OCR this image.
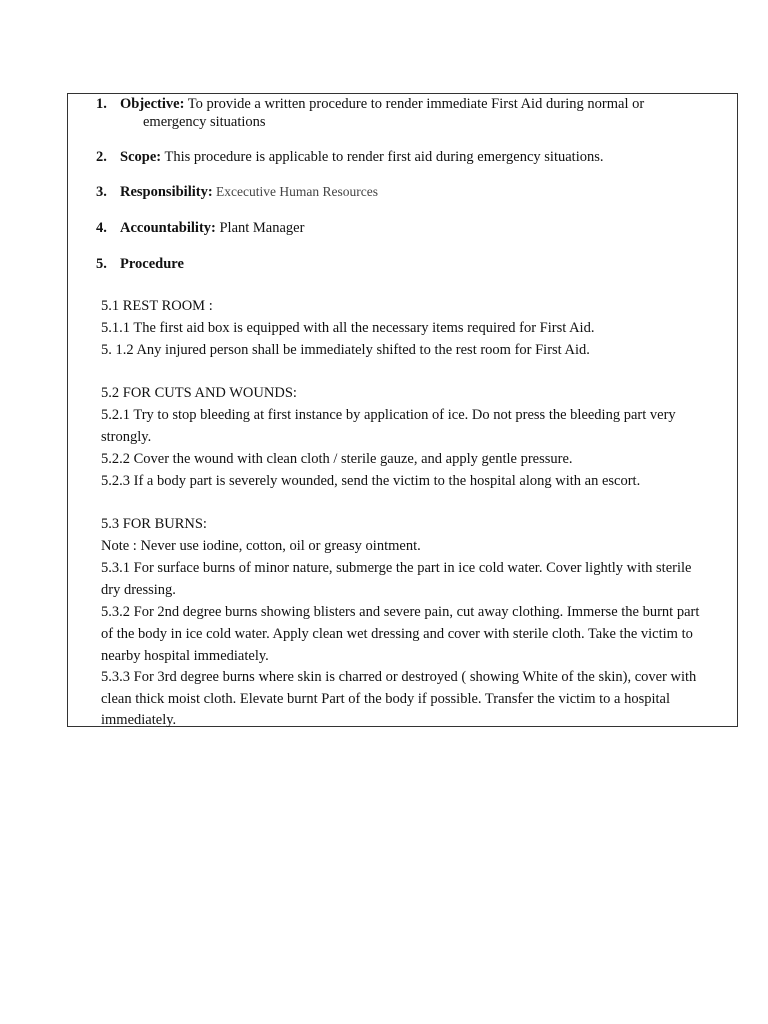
1. Objective: To provide a written procedure to render immediate First Aid during normal or
emergency situations
2. Scope: This procedure is applicable to render first aid during emergency situations.
3. Responsibility: Excecutive Human Resources
4. Accountability: Plant Manager
5. Procedure
5.1 REST ROOM :
5.1.1 The first aid box is equipped with all the necessary items required for First Aid.
5. 1.2 Any injured person shall be immediately shifted to the rest room for First Aid.
5.2 FOR CUTS AND WOUNDS:
5.2.1 Try to stop bleeding at first instance by application of ice. Do not press the bleeding part very
strongly.
5.2.2 Cover the wound with clean cloth / sterile gauze, and apply gentle pressure.
5.2.3 If a body part is severely wounded, send the victim to the hospital along with an escort.
5.3 FOR BURNS:
Note : Never use iodine, cotton, oil or greasy ointment.
5.3.1 For surface burns of minor nature, submerge the part in ice cold water. Cover lightly with sterile
dry dressing.
5.3.2 For 2nd degree burns showing blisters and severe pain, cut away clothing. Immerse the burnt part
of the body in ice cold water. Apply clean wet dressing and cover with sterile cloth. Take the victim to
nearby hospital immediately.
5.3.3 For 3rd degree burns where skin is charred or destroyed ( showing White of the skin), cover with
clean thick moist cloth. Elevate burnt Part of the body if possible. Transfer the victim to a hospital
immediately.
